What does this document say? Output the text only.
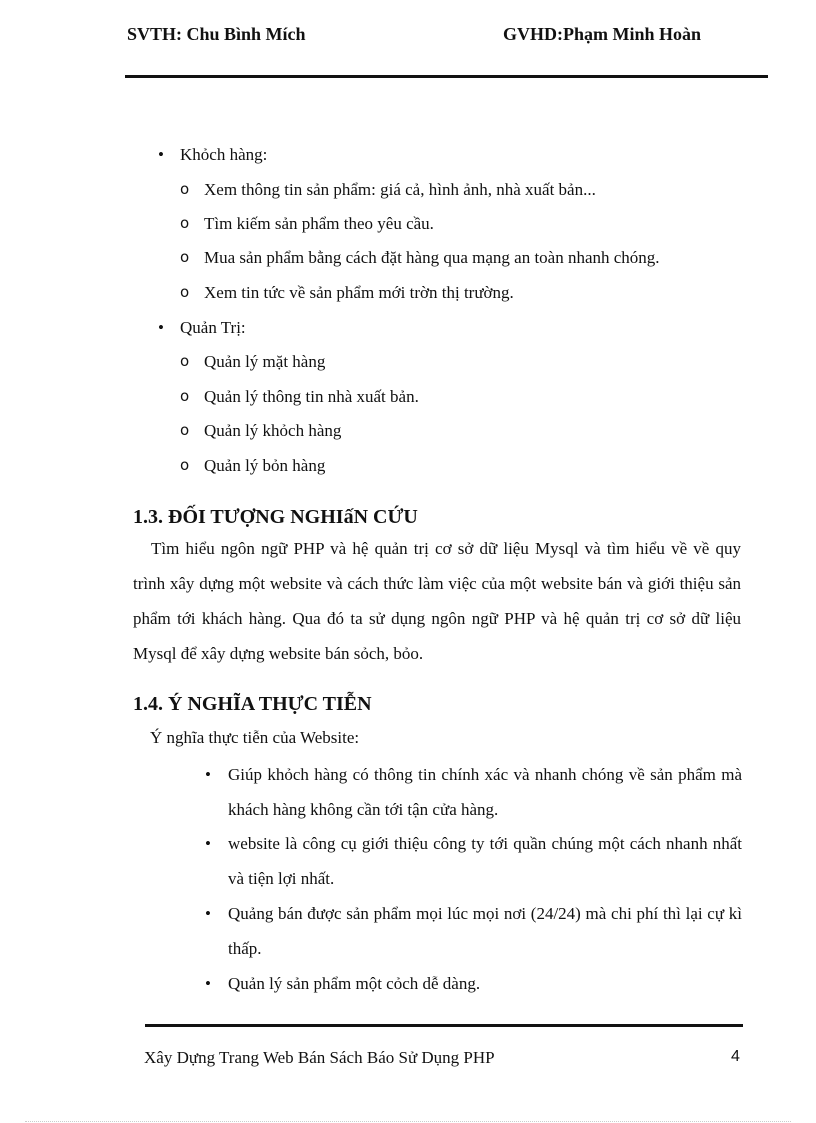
SVTH: Chu Bình Mích	GVHD:Phạm Minh Hoàn
• Khỏch hàng:
o Xem thông tin sản phẩm: giá cả, hình ảnh, nhà xuất bản...
o Tìm kiếm sản phẩm theo yêu cầu.
o Mua sản phẩm bằng cách đặt hàng qua mạng an toàn nhanh chóng.
o Xem tin tức về sản phẩm mới trờn thị trường.
• Quản Trị:
o Quản lý mặt hàng
o Quản lý thông tin nhà xuất bản.
o Quản lý khỏch hàng
o Quản lý bỏn hàng
1.3. ĐỐI TƯỢNG NGHIấN CỨU
Tìm hiểu ngôn ngữ PHP và hệ quản trị cơ sở dữ liệu Mysql và tìm hiểu về về quy trình xây dựng một website và cách thức làm việc của một website bán và giới thiệu sản phẩm tới khách hàng. Qua đó ta sử dụng ngôn ngữ PHP và hệ quản trị cơ sở dữ liệu Mysql để xây dựng website bán sỏch, bỏo.
1.4. Ý NGHĨA THỰC TIỄN
Ý nghĩa thực tiễn của Website:
•	Giúp khỏch hàng có thông tin chính xác và nhanh chóng về sản phẩm mà khách hàng không cần tới tận cửa hàng.
•	website là công cụ giới thiệu công ty tới quần chúng một cách nhanh nhất và tiện lợi nhất.
•	Quảng bán được sản phẩm mọi lúc mọi nơi (24/24) mà chi phí thì lại cự kì thấp.
•	Quản lý sản phẩm một cỏch dễ dàng.
Xây Dựng Trang Web Bán Sách Báo Sử Dụng PHP	4
